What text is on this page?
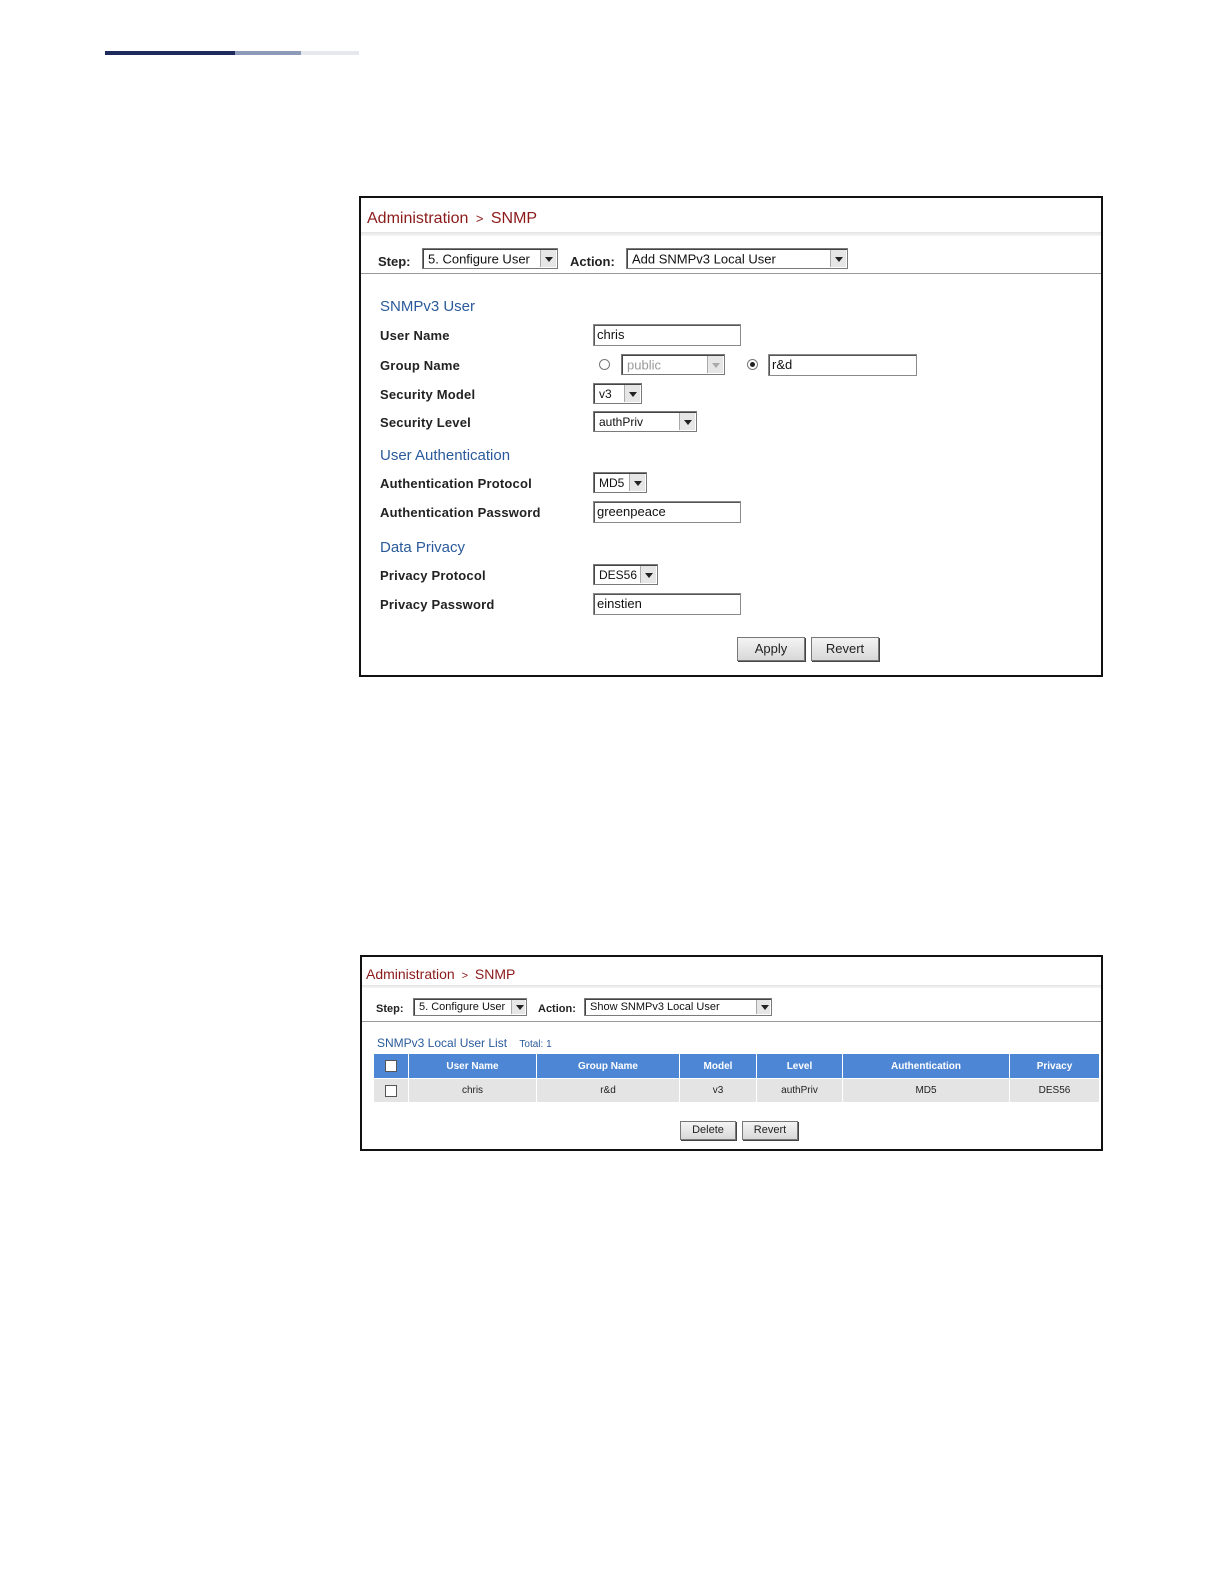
Administration > SNMP
Step: 5. Configure User	Action: Add SNMPv3 Local User
SNMPv3 User
User Name	chris
Group Name	public	r&d
Security Model	v3
Security Level	authPriv
User Authentication
Authentication Protocol	MD5
Authentication Password	greenpeace
Data Privacy
Privacy Protocol	DES56
Privacy Password	einstien
Apply	Revert
Administration > SNMP
Step: 5. Configure User	Action: Show SNMPv3 Local User
SNMPv3 Local User List Total: 1
	User Name	Group Name	Model	Level	Authentication	Privacy
	chris	r&d	v3	authPriv	MD5	DES56
Delete	Revert
